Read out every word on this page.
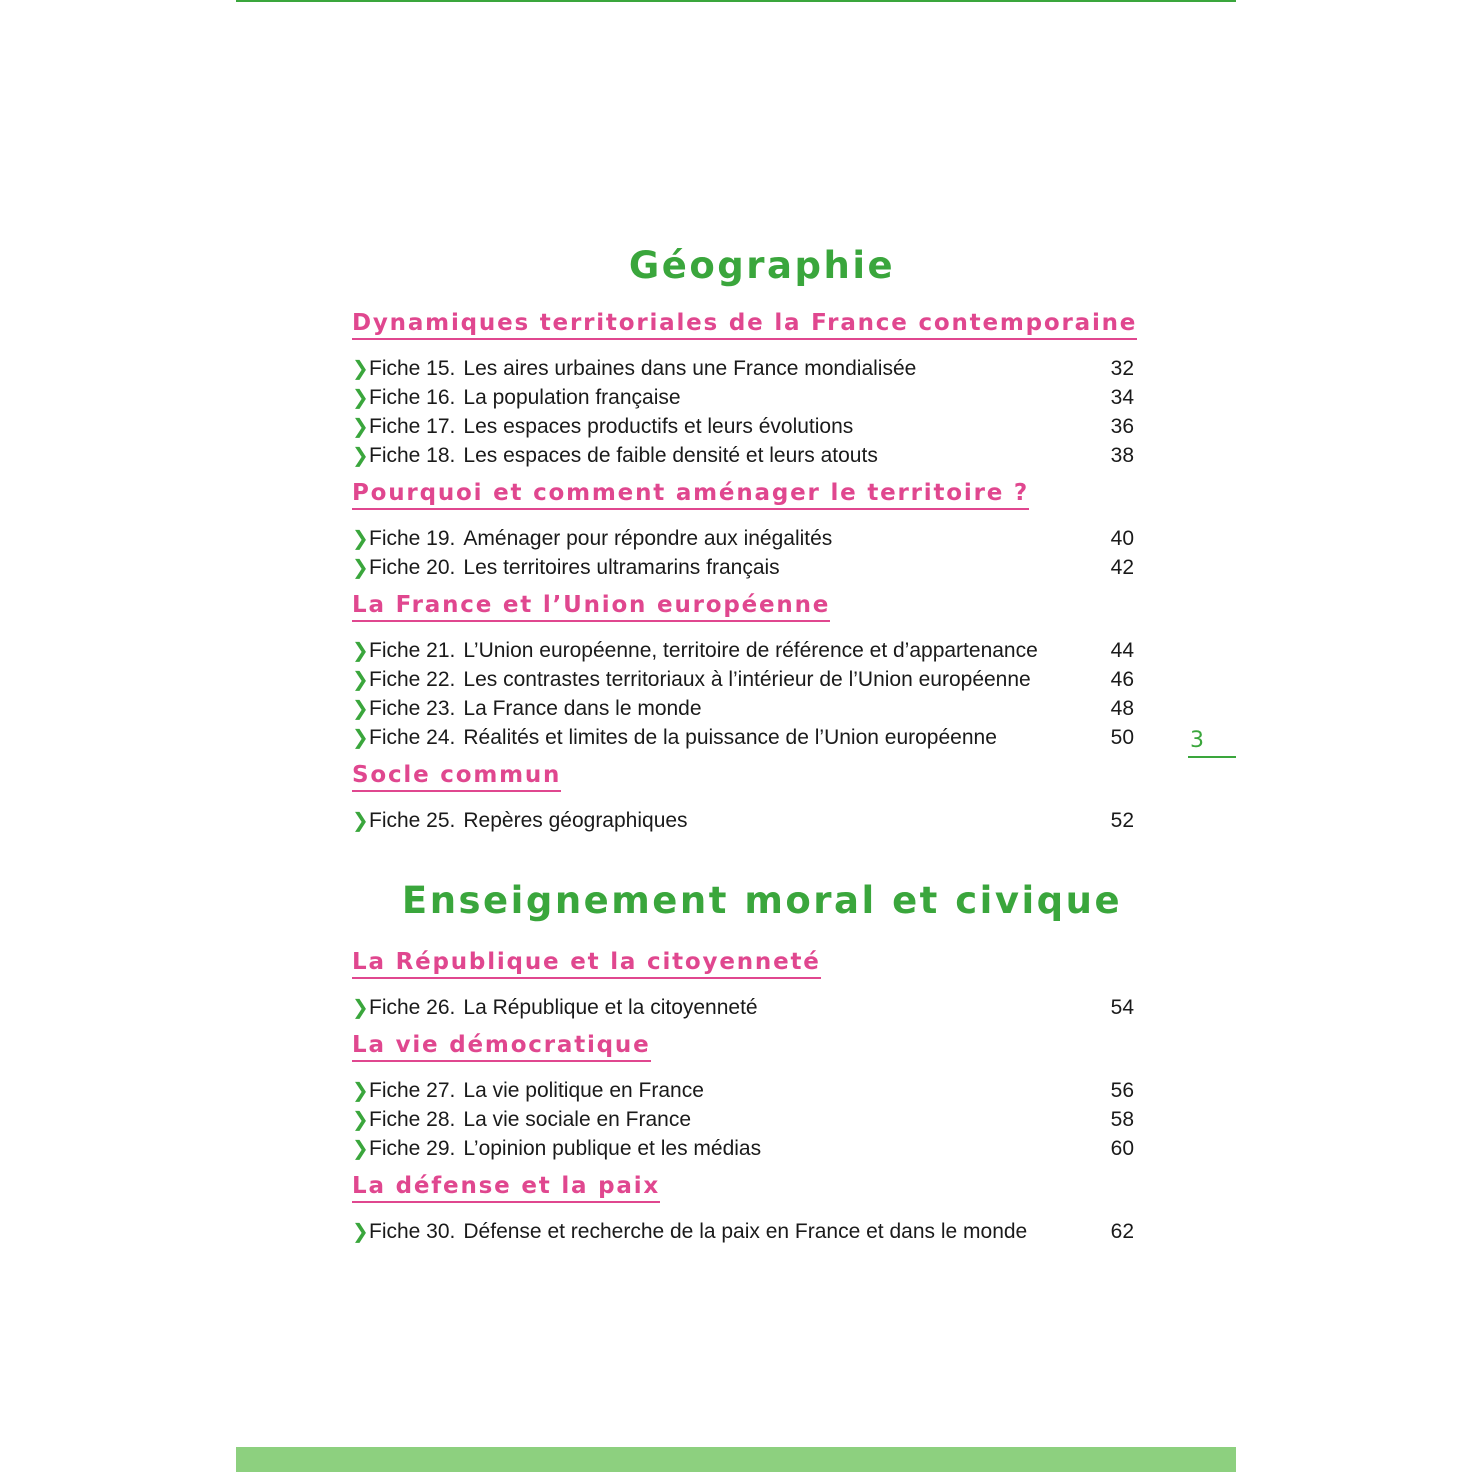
Géographie
Dynamiques territoriales de la France contemporaine
❯ Fiche 15. Les aires urbaines dans une France mondialisée	32
❯ Fiche 16. La population française	34
❯ Fiche 17. Les espaces productifs et leurs évolutions	36
❯ Fiche 18. Les espaces de faible densité et leurs atouts	38
Pourquoi et comment aménager le territoire ?
❯ Fiche 19. Aménager pour répondre aux inégalités	40
❯ Fiche 20. Les territoires ultramarins français	42
La France et l’Union européenne
❯ Fiche 21. L’Union européenne, territoire de référence et d’appartenance	44
❯ Fiche 22. Les contrastes territoriaux à l’intérieur de l’Union européenne	46
❯ Fiche 23. La France dans le monde	48
❯ Fiche 24. Réalités et limites de la puissance de l’Union européenne	50
Socle commun
❯ Fiche 25. Repères géographiques	52
Enseignement moral et civique
La République et la citoyenneté
❯ Fiche 26. La République et la citoyenneté	54
La vie démocratique
❯ Fiche 27. La vie politique en France	56
❯ Fiche 28. La vie sociale en France	58
❯ Fiche 29. L’opinion publique et les médias	60
La défense et la paix
❯ Fiche 30. Défense et recherche de la paix en France et dans le monde	62
3
